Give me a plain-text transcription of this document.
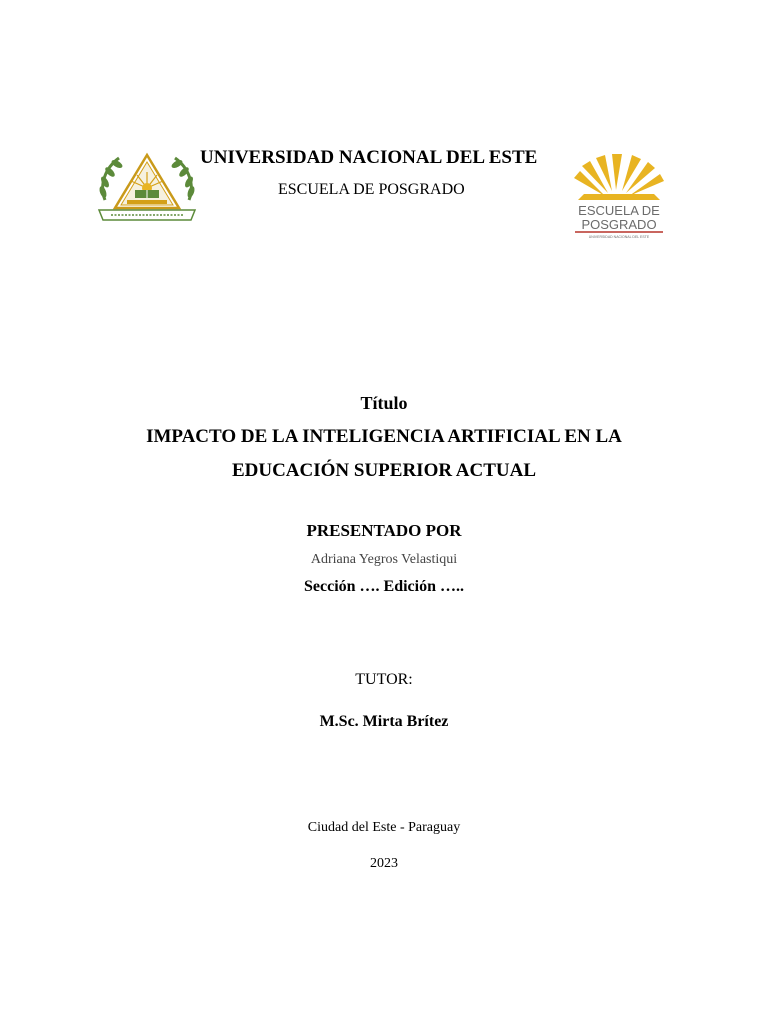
UNIVERSIDAD NACIONAL DEL ESTE
ESCUELA DE POSGRADO
ESCUELA DE
POSGRADO
UNIVERSIDAD NACIONAL DEL ESTE
Título
IMPACTO DE LA INTELIGENCIA ARTIFICIAL EN LA
EDUCACIÓN SUPERIOR ACTUAL
PRESENTADO POR
Adriana Yegros Velastiqui
Sección …. Edición …..
TUTOR:
M.Sc. Mirta Brítez
Ciudad del Este - Paraguay
2023
